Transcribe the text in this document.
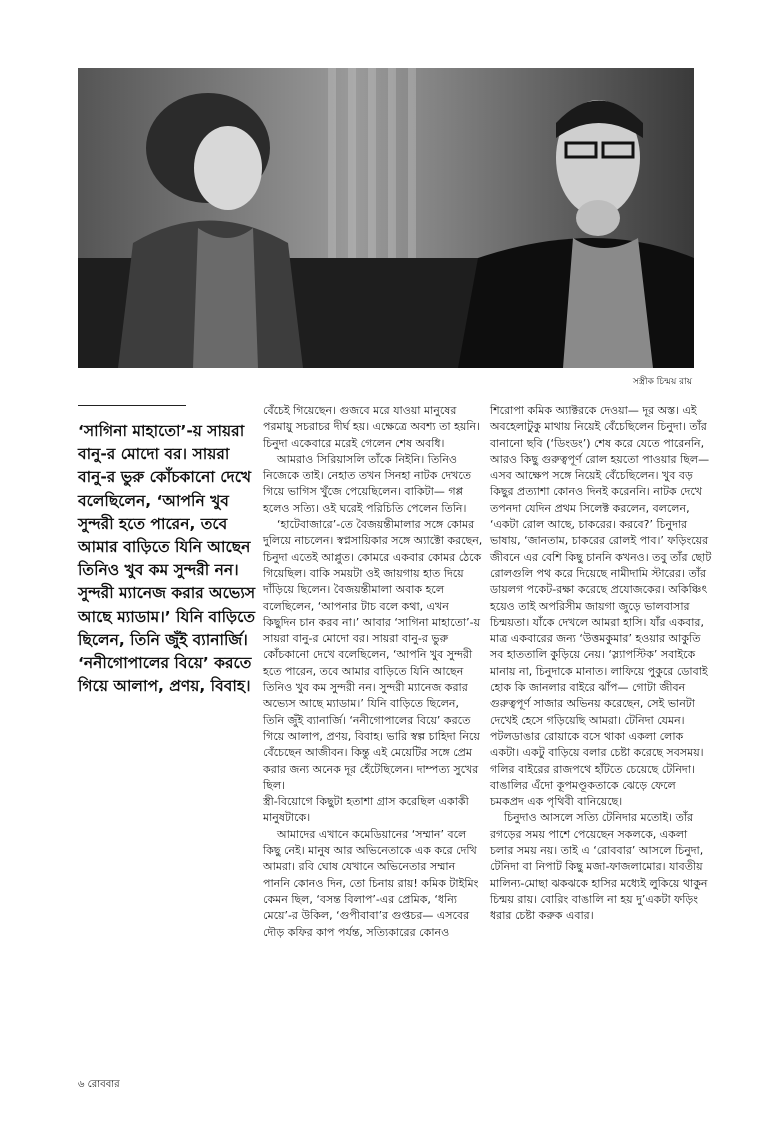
সস্ত্রীক চিন্ময় রায়
‘সাগিনা মাহাতো’-য় সায়রা বানু-র মোদো বর। সায়রা বানু-র ভুরু কোঁচকানো দেখে বলেছিলেন, ‘আপনি খুব সুন্দরী হতে পারেন, তবে আমার বাড়িতে যিনি আছেন তিনিও খুব কম সুন্দরী নন। সুন্দরী ম্যানেজ করার অভ্যেস আছে ম্যাডাম।’ যিনি বাড়িতে ছিলেন, তিনি জুঁই ব্যানার্জি। ‘ননীগোপালের বিয়ে’ করতে গিয়ে আলাপ, প্রণয়, বিবাহ।

বেঁচেই গিয়েছেন। গুজবে মরে যাওয়া মানুষের পরমায়ু সচরাচর দীর্ঘ হয়। এক্ষেত্রে অবশ্য তা হয়নি। চিনুদা একেবারে মরেই গেলেন শেষ অবধি।

আমরাও সিরিয়াসলি তাঁকে নিইনি। তিনিও নিজেকে তাই। নেহাত তখন সিনহা নাটক দেখতে গিয়ে ভাগিস খুঁজে পেয়েছিলেন। বাকিটা— গপ্প হলেও সত্যি। ওই ঘরেই পরিচিতি পেলেন তিনি।

‘হাটেবাজারে’-তে বৈজয়ন্তীমালার সঙ্গে কোমর দুলিয়ে নাচলেন। স্বপ্নসায়িকার সঙ্গে অ্যাক্টো করছেন, চিনুদা এতেই আপ্লুত। কোমরে একবার কোমর ঠেকে গিয়েছিল। বাকি সময়টা ওই জায়গায় হাত দিয়ে দাঁড়িয়ে ছিলেন। বৈজয়ন্তীমালা অবাক হলে বলেছিলেন, ‘আপনার টাচ বলে কথা, এখন কিছুদিন চান করব না।’ আবার ‘সাগিনা মাহাতো’-য় সায়রা বানু-র মোদো বর। সায়রা বানু-র ভুরু কোঁচকানো দেখে বলেছিলেন, ‘আপনি খুব সুন্দরী হতে পারেন, তবে আমার বাড়িতে যিনি আছেন তিনিও খুব কম সুন্দরী নন। সুন্দরী ম্যানেজ করার অভ্যেস আছে ম্যাডাম।’ যিনি বাড়িতে ছিলেন, তিনি জুঁই ব্যানার্জি। ‘ননীগোপালের বিয়ে’ করতে গিয়ে আলাপ, প্রণয়, বিবাহ। ভারি স্বল্প চাহিদা নিয়ে বেঁচেছেন আজীবন। কিন্তু এই মেয়েটির সঙ্গে প্রেম করার জন্য অনেক দূর হেঁটেছিলেন। দাম্পত্য সুখের ছিল।

স্ত্রী-বিয়োগে কিছুটা হতাশা গ্রাস করেছিল একাকী মানুষটাকে।

আমাদের এখানে কমেডিয়ানের ‘সম্মান’ বলে কিছু নেই। মানুষ আর অভিনেতাকে এক করে দেখি আমরা। রবি ঘোষ যেখানে অভিনেতার সম্মান পাননি কোনও দিন, তো চিনায় রায়! কমিক টাইমিং কেমন ছিল, ‘বসন্ত বিলাপ’-এর প্রেমিক, ‘ধন্যি মেয়ে’-র উকিল, ‘গুপীবাবা’র গুপ্তচর— এসবের দৌড় কফির কাপ পর্যন্ত, সত্যিকারের কোনও

শিরোপা কমিক অ্যাক্টরকে দেওয়া— দূর অস্ত। এই অবহেলাটুকু মাথায় নিয়েই বেঁচেছিলেন চিনুদা। তাঁর বানানো ছবি (‘ডিংডং’) শেষ করে যেতে পারেননি, আরও কিছু গুরুত্বপূর্ণ রোল হয়তো পাওয়ার ছিল— এসব আক্ষেপ সঙ্গে নিয়েই বেঁচেছিলেন। খুব বড় কিছুর প্রত্যাশা কোনও দিনই করেননি। নাটক দেখে তপনদা যেদিন প্রথম সিলেক্ট করলেন, বললেন, ‘একটা রোল আছে, চাকরের। করবে?’ চিনুদার ভাষায়, ‘জানতাম, চাকরের রোলই পাব।’ ফড়িংয়ের জীবনে এর বেশি কিছু চাননি কখনও। তবু তাঁর ছোট রোলগুলি পথ করে দিয়েছে নামীদামি স্টারের। তাঁর ডায়লগ পকেট-রক্ষা করেছে প্রযোজকের। অকিঞ্চিৎ হয়েও তাই অপরিসীম জায়গা জুড়ে ভালবাসার চিন্ময়তা। যাঁকে দেখলে আমরা হাসি। যাঁর একবার, মাত্র একবারের জন্য ‘উত্তমকুমার’ হওয়ার আকুতি সব হাততালি কুড়িয়ে নেয়। ‘স্ল্যাপস্টিক’ সবাইকে মানায় না, চিনুদাকে মানাত। লাফিয়ে পুকুরে ডোবাই হোক কি জানলার বাইরে ঝাঁপ— গোটা জীবন গুরুত্বপূর্ণ সাজার অভিনয় করেছেন, সেই ভানটা দেখেই হেসে গড়িয়েছি আমরা। টেনিদা যেমন। পটলডাঙার রোয়াকে বসে থাকা একলা লোক একটা। একটু বাড়িয়ে বলার চেষ্টা করেছে সবসময়। গলির বাইরের রাজপথে হাঁটতে চেয়েছে টেনিদা। বাঙালির এঁদো কূপমণ্ডূকতাকে ঝেড়ে ফেলে চমকপ্রদ এক পৃথিবী বানিয়েছে।

চিনুদাও আসলে সত্যি টেনিদার মতোই। তাঁর রগড়ের সময় পাশে পেয়েছেন সকলকে, একলা চলার সময় নয়। তাই এ ‘রোববার’ আসলে চিনুদা, টেনিদা বা নিপাট কিছু মজা-ফাজলামোর। যাবতীয় মালিন্য-মোছা ঝকঝকে হাসির মধ্যেই লুকিয়ে থাকুন চিন্ময় রায়। বোরিং বাঙালি না হয় দু’একটা ফড়িং ধরার চেষ্টা করুক এবার।

৬ রোববার
